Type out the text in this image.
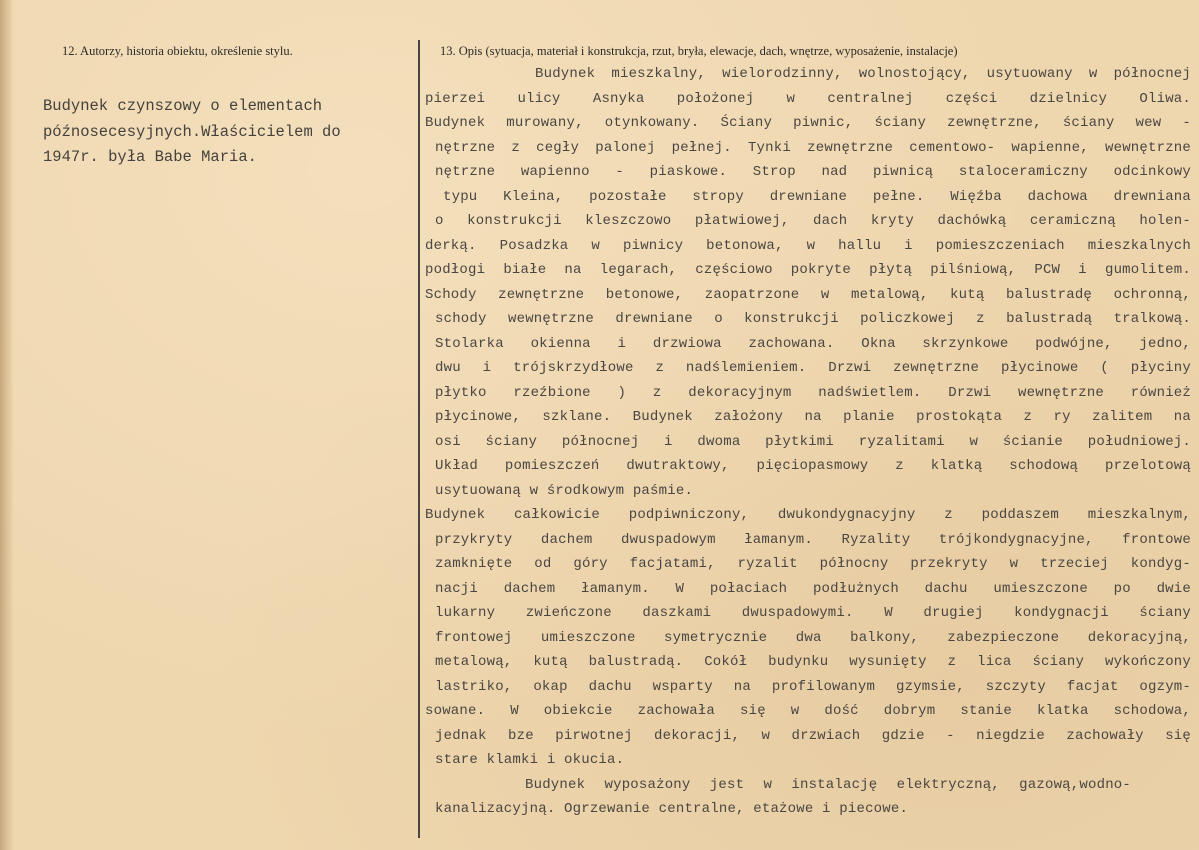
12. Autorzy, historia obiektu, określenie stylu.	13. Opis (sytuacja, materiał i konstrukcja, rzut, bryła, elewacje, dach, wnętrze, wyposażenie, instalacje)
Budynek czynszowy o elementach
późnosecesyjnych.Właścicielem do
1947r. była Babe Maria.
Budynek mieszkalny, wielorodzinny, wolnostojący, usytuowany w północnej
pierzei ulicy Asnyka położonej w centralnej części dzielnicy Oliwa.
Budynek murowany, otynkowany. Ściany piwnic, ściany zewnętrzne, ściany wew -
nętrzne z cegły palonej pełnej. Tynki zewnętrzne cementowo- wapienne, wewnętrzne
nętrzne wapienno - piaskowe. Strop nad piwnicą staloceramiczny odcinkowy
typu Kleina, pozostałe stropy drewniane pełne. Więźba dachowa drewniana
o konstrukcji kleszczowo płatwiowej, dach kryty dachówką ceramiczną holen-
derką. Posadzka w piwnicy betonowa, w hallu i pomieszczeniach mieszkalnych
podłogi białe na legarach, częściowo pokryte płytą pilśniową, PCW i gumolitem.
Schody zewnętrzne betonowe, zaopatrzone w metalową, kutą balustradę ochronną,
schody wewnętrzne drewniane o konstrukcji policzkowej z balustradą tralkową.
Stolarka okienna i drzwiowa zachowana. Okna skrzynkowe podwójne, jedno,
dwu i trójskrzydłowe z nadślemieniem. Drzwi zewnętrzne płycinowe ( płyciny
płytko rzeźbione ) z dekoracyjnym nadświetlem. Drzwi wewnętrzne również
płycinowe, szklane. Budynek założony na planie prostokąta z ry zalitem na
osi ściany północnej i dwoma płytkimi ryzalitami w ścianie południowej.
Układ pomieszczeń dwutraktowy, pięciopasmowy z klatką schodową przelotową
usytuowaną w środkowym paśmie.
Budynek całkowicie podpiwniczony, dwukondygnacyjny z poddaszem mieszkalnym,
przykryty dachem dwuspadowym łamanym. Ryzality trójkondygnacyjne, frontowe
zamknięte od góry facjatami, ryzalit północny przekryty w trzeciej kondyg-
nacji dachem łamanym. W połaciach podłużnych dachu umieszczone po dwie
lukarny zwieńczone daszkami dwuspadowymi. W drugiej kondygnacji ściany
frontowej umieszczone symetrycznie dwa balkony, zabezpieczone dekoracyjną,
metalową, kutą balustradą. Cokół budynku wysunięty z lica ściany wykończony
lastriko, okap dachu wsparty na profilowanym gzymsie, szczyty facjat ogzym-
sowane. W obiekcie zachowała się w dość dobrym stanie klatka schodowa,
jednak bze pirwotnej dekoracji, w drzwiach gdzie - niegdzie zachowały się
stare klamki i okucia.
Budynek wyposażony jest w instalację elektryczną, gazową,wodno-
kanalizacyjną. Ogrzewanie centralne, etażowe i piecowe.
